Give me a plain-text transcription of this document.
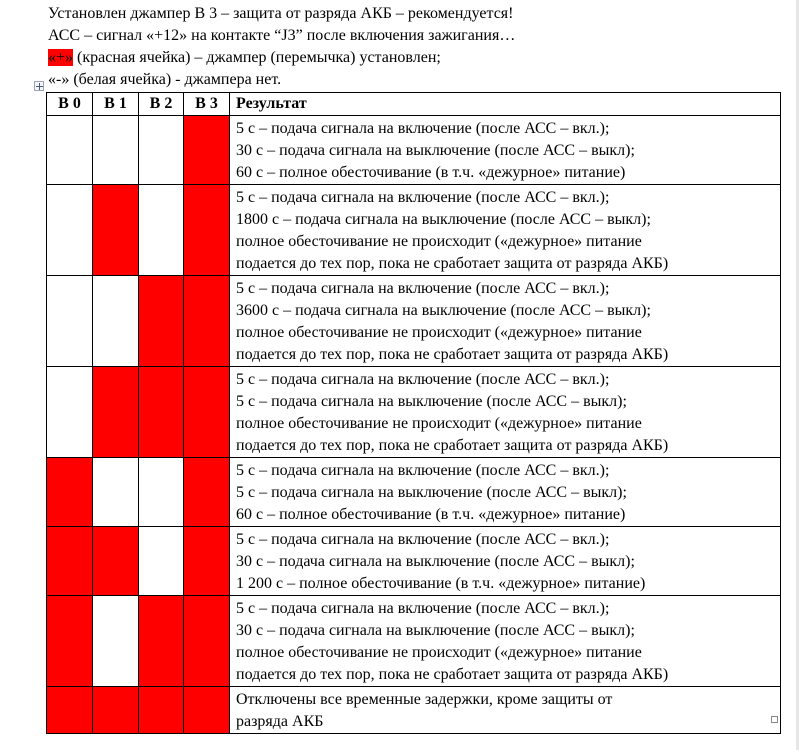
Установлен джампер В 3 – защита от разряда АКБ – рекомендуется!
АСС – сигнал «+12» на контакте “J3” после включения зажигания…
«+» (красная ячейка) – джампер (перемычка) установлен;
«-» (белая ячейка) - джампера нет.
В 0	В 1	В 2	В 3	Результат

				5 с – подача сигнала на включение (после АСС – вкл.);
30 с – подача сигнала на выключение (после АСС – выкл);
60 с – полное обесточивание (в т.ч. «дежурное» питание)

				5 с – подача сигнала на включение (после АСС – вкл.);
1800 с – подача сигнала на выключение (после АСС – выкл);
полное обесточивание не происходит («дежурное» питание
подается до тех пор, пока не сработает защита от разряда АКБ)

				5 с – подача сигнала на включение (после АСС – вкл.);
3600 с – подача сигнала на выключение (после АСС – выкл);
полное обесточивание не происходит («дежурное» питание
подается до тех пор, пока не сработает защита от разряда АКБ)

				5 с – подача сигнала на включение (после АСС – вкл.);
5 с – подача сигнала на выключение (после АСС – выкл);
полное обесточивание не происходит («дежурное» питание
подается до тех пор, пока не сработает защита от разряда АКБ)

				5 с – подача сигнала на включение (после АСС – вкл.);
5 с – подача сигнала на выключение (после АСС – выкл);
60 с – полное обесточивание (в т.ч. «дежурное» питание)

				5 с – подача сигнала на включение (после АСС – вкл.);
30 с – подача сигнала на выключение (после АСС – выкл);
1 200 с – полное обесточивание (в т.ч. «дежурное» питание)

				5 с – подача сигнала на включение (после АСС – вкл.);
30 с – подача сигнала на выключение (после АСС – выкл);
полное обесточивание не происходит («дежурное» питание
подается до тех пор, пока не сработает защита от разряда АКБ)

				Отключены все временные задержки, кроме защиты от
разряда АКБ
